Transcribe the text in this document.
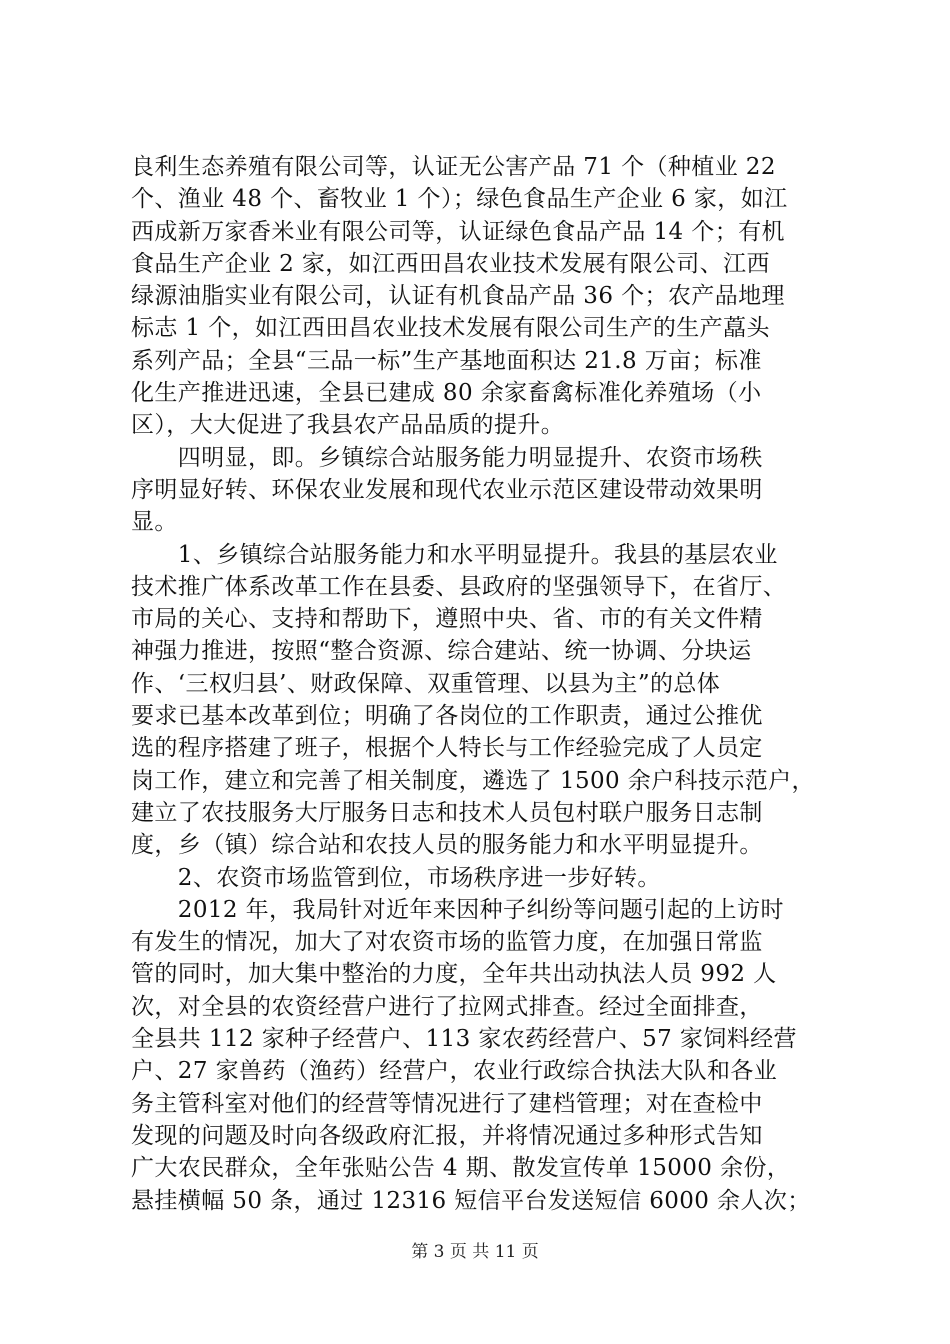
良利生态养殖有限公司等，认证无公害产品 71 个（种植业 22
个、渔业 48 个、畜牧业 1 个）；绿色食品生产企业 6 家，如江
西成新万家香米业有限公司等，认证绿色食品产品 14 个；有机
食品生产企业 2 家，如江西田昌农业技术发展有限公司、江西
绿源油脂实业有限公司，认证有机食品产品 36 个；农产品地理
标志 1 个，如江西田昌农业技术发展有限公司生产的生产藠头
系列产品；全县“三品一标”生产基地面积达 21.8 万亩；标准
化生产推进迅速，全县已建成 80 余家畜禽标准化养殖场（小
区），大大促进了我县农产品品质的提升。
　　四明显，即。乡镇综合站服务能力明显提升、农资市场秩
序明显好转、环保农业发展和现代农业示范区建设带动效果明
显。
　　1、乡镇综合站服务能力和水平明显提升。我县的基层农业
技术推广体系改革工作在县委、县政府的坚强领导下，在省厅、
市局的关心、支持和帮助下，遵照中央、省、市的有关文件精
神强力推进，按照“整合资源、综合建站、统一协调、分块运
作、‘三权归县’、财政保障、双重管理、以县为主”的总体
要求已基本改革到位；明确了各岗位的工作职责，通过公推优
选的程序搭建了班子，根据个人特长与工作经验完成了人员定
岗工作，建立和完善了相关制度，遴选了 1500 余户科技示范户，
建立了农技服务大厅服务日志和技术人员包村联户服务日志制
度，乡（镇）综合站和农技人员的服务能力和水平明显提升。
　　2、农资市场监管到位，市场秩序进一步好转。
　　2012 年，我局针对近年来因种子纠纷等问题引起的上访时
有发生的情况，加大了对农资市场的监管力度，在加强日常监
管的同时，加大集中整治的力度，全年共出动执法人员 992 人
次，对全县的农资经营户进行了拉网式排查。经过全面排查，
全县共 112 家种子经营户、113 家农药经营户、57 家饲料经营
户、27 家兽药（渔药）经营户，农业行政综合执法大队和各业
务主管科室对他们的经营等情况进行了建档管理；对在查检中
发现的问题及时向各级政府汇报，并将情况通过多种形式告知
广大农民群众，全年张贴公告 4 期、散发宣传单 15000 余份，
悬挂横幅 50 条，通过 12316 短信平台发送短信 6000 余人次；
第 3 页 共 11 页
